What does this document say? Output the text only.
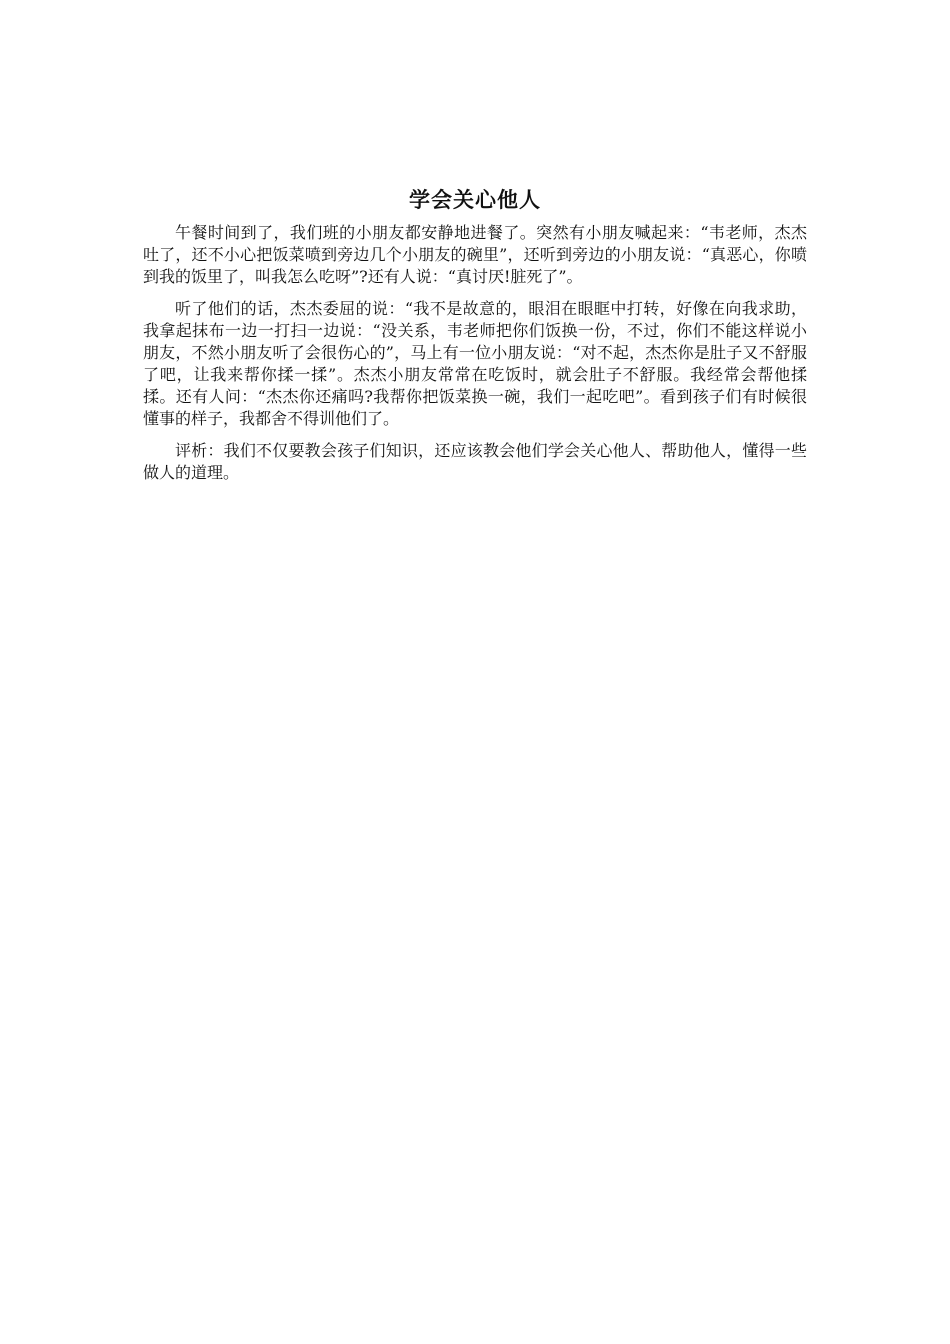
学会关心他人

午餐时间到了，我们班的小朋友都安静地进餐了。突然有小朋友喊起来：“韦老师，杰杰吐了，还不小心把饭菜喷到旁边几个小朋友的碗里”，还听到旁边的小朋友说：“真恶心，你喷到我的饭里了，叫我怎么吃呀”?还有人说：“真讨厌!脏死了”。

听了他们的话，杰杰委屈的说：“我不是故意的，眼泪在眼眶中打转，好像在向我求助，我拿起抹布一边一打扫一边说：“没关系，韦老师把你们饭换一份，不过，你们不能这样说小朋友，不然小朋友听了会很伤心的”，马上有一位小朋友说：“对不起，杰杰你是肚子又不舒服了吧，让我来帮你揉一揉”。杰杰小朋友常常在吃饭时，就会肚子不舒服。我经常会帮他揉揉。还有人问：“杰杰你还痛吗?我帮你把饭菜换一碗，我们一起吃吧”。看到孩子们有时候很懂事的样子，我都舍不得训他们了。

评析：我们不仅要教会孩子们知识，还应该教会他们学会关心他人、帮助他人，懂得一些做人的道理。
